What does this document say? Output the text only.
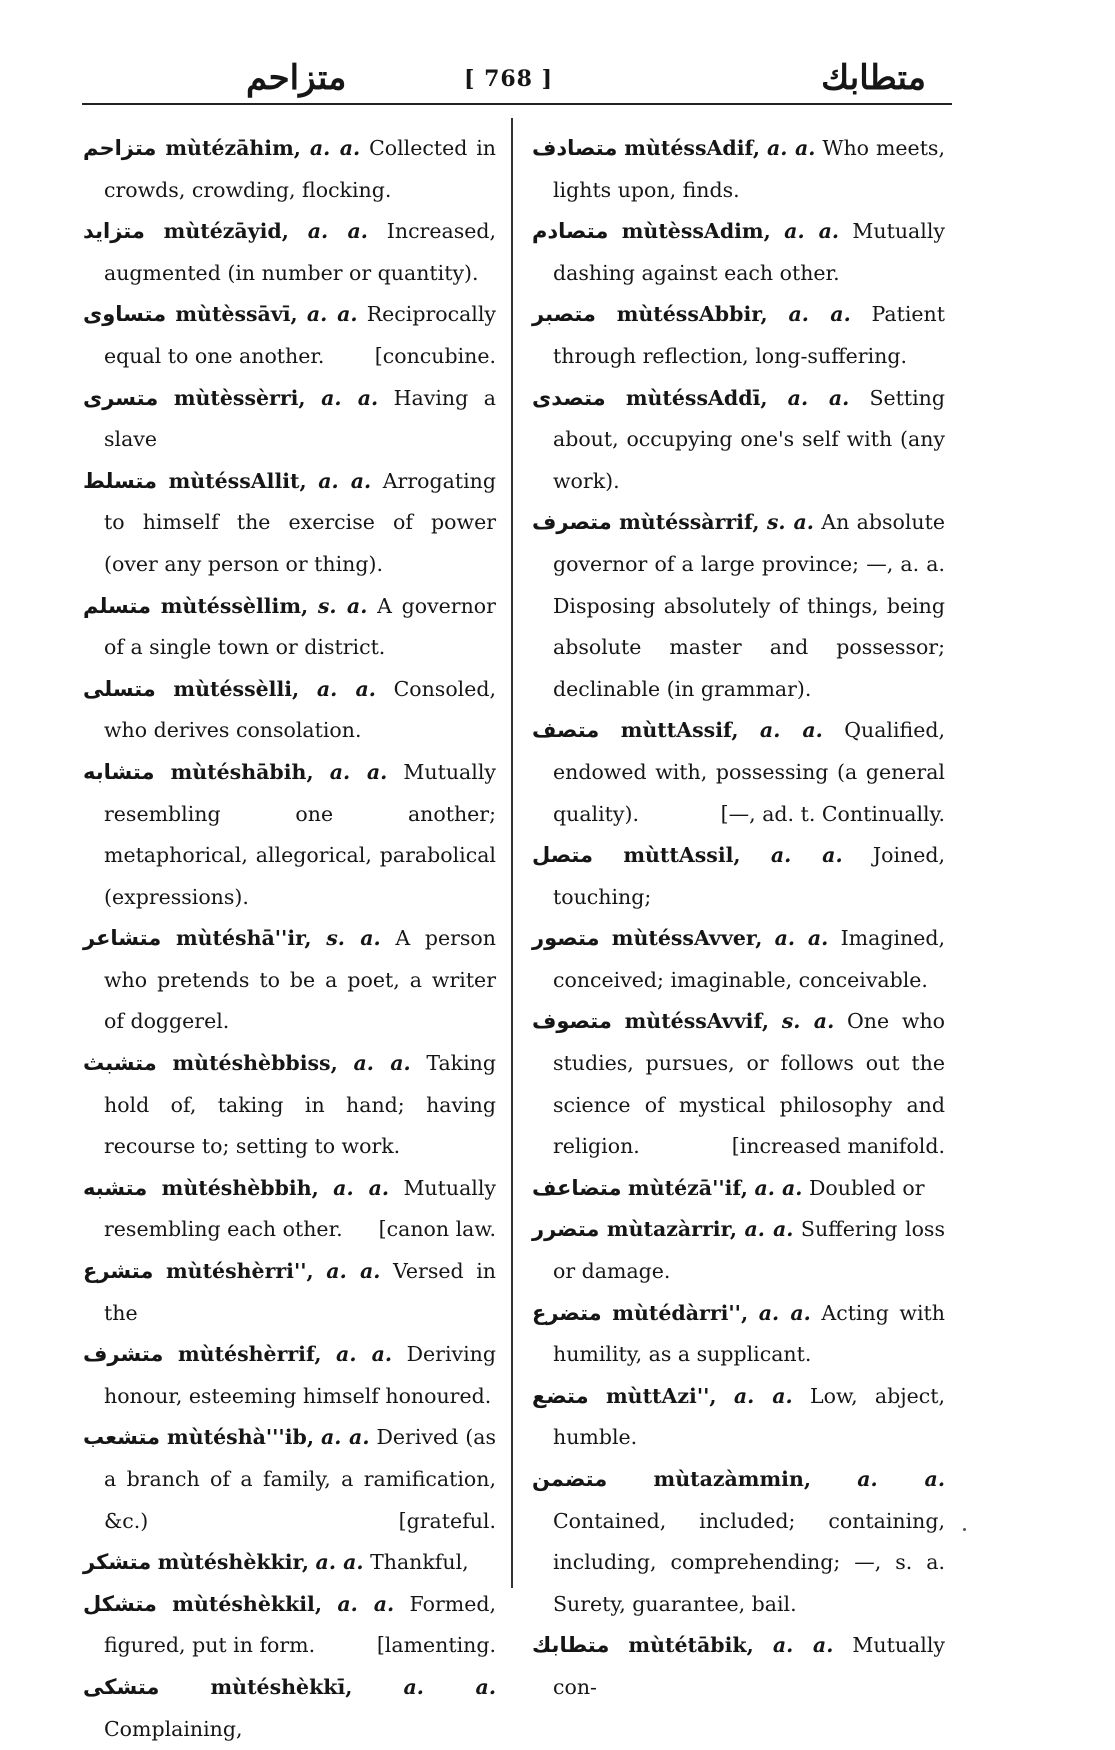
متزاحم	[ 768 ]	متطابك
متزاحم mùtézāhim, a. a. Collected in crowds, crowding, flocking.
متزايد mùtézāyid, a. a. Increased, augmented (in number or quantity).
متساوى mùtèssāvī, a. a. Reciprocally equal to one another. [concubine.
متسرى mùtèssèrri, a. a. Having a slave
متسلط mùtéssAllit, a. a. Arrogating to himself the exercise of power (over any person or thing).
متسلم mùtéssèllim, s. a. A governor of a single town or district.
متسلى mùtéssèlli, a. a. Consoled, who derives consolation.
متشابه mùtéshābih, a. a. Mutually resembling one another; metaphorical, allegorical, parabolical (expressions).
متشاعر mùtéshā''ir, s. a. A person who pretends to be a poet, a writer of doggerel.
متشبث mùtéshèbbiss, a. a. Taking hold of, taking in hand; having recourse to; setting to work.
متشبه mùtéshèbbih, a. a. Mutually resembling each other. [canon law.
متشرع mùtéshèrri'', a. a. Versed in the
متشرف mùtéshèrrif, a. a. Deriving honour, esteeming himself honoured.
متشعب mùtéshà'''ib, a. a. Derived (as a branch of a family, a ramification, &c.)	[grateful.
متشكر mùtéshèkkir, a. a. Thankful,
متشكل mùtéshèkkil, a. a. Formed, figured, put in form.	[lamenting.
متشكى mùtéshèkkī, a. a. Complaining,
متصادف mùtéssAdif, a. a. Who meets, lights upon, finds.
متصادم mùtèssAdim, a. a. Mutually dashing against each other.
متصبر mùtéssAbbir, a. a. Patient through reflection, long-suffering.
متصدى mùtéssAddī, a. a. Setting about, occupying one's self with (any work).
متصرف mùtéssàrrif, s. a. An absolute governor of a large province; —, a. a. Disposing absolutely of things, being absolute master and possessor; declinable (in grammar).
متصف mùttAssif, a. a. Qualified, endowed with, possessing (a general quality).	[—, ad. t. Continually.
متصل mùttAssil, a. a. Joined, touching;
متصور mùtéssAvver, a. a. Imagined, conceived; imaginable, conceivable.
متصوف mùtéssAvvif, s. a. One who studies, pursues, or follows out the science of mystical philosophy and religion.	[increased manifold.
متضاعف mùtézā''if, a. a. Doubled or
متضرر mùtazàrrir, a. a. Suffering loss or damage.
متضرع mùtédàrri'', a. a. Acting with humility, as a supplicant.
متضع mùttAzi'', a. a. Low, abject, humble.
متضمن mùtazàmmin, a. a. Contained, included; containing, including, comprehending; —, s. a. Surety, guarantee, bail.
متطابك mùtétābik, a. a. Mutually con-
